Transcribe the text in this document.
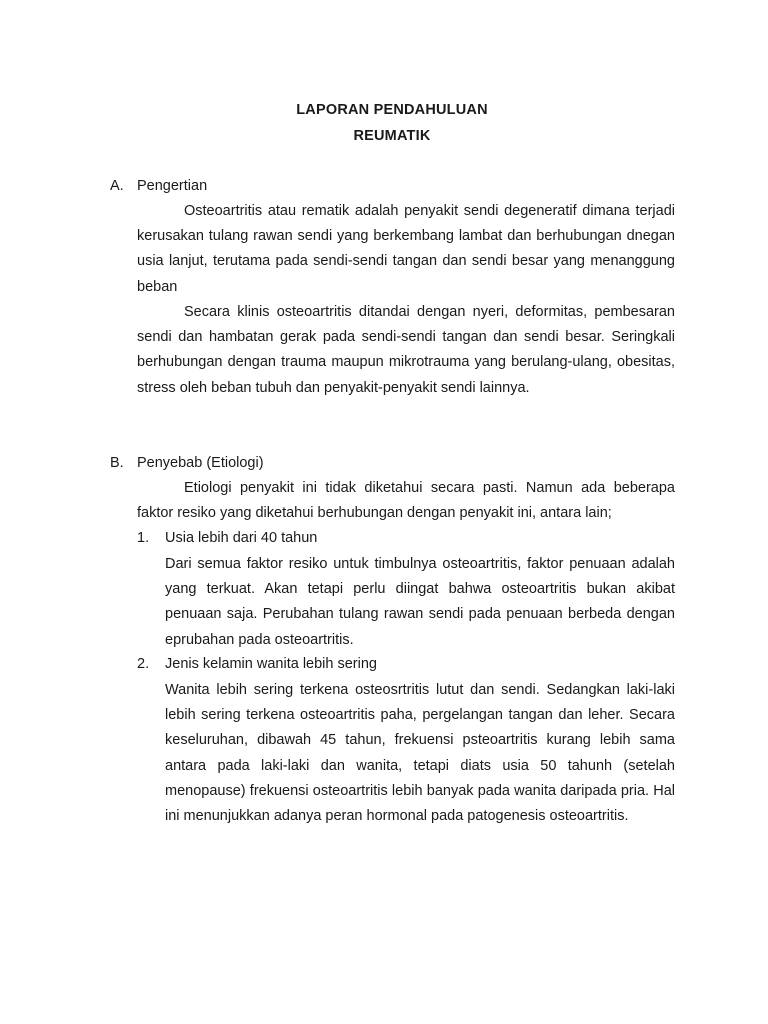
LAPORAN PENDAHULUAN
REUMATIK
A. Pengertian

Osteoartritis atau rematik adalah penyakit sendi degeneratif dimana terjadi kerusakan tulang rawan sendi yang berkembang lambat dan berhubungan dnegan usia lanjut, terutama pada sendi-sendi tangan dan sendi besar yang menanggung beban

Secara klinis osteoartritis ditandai dengan nyeri, deformitas, pembesaran sendi dan hambatan gerak pada sendi-sendi tangan dan sendi besar. Seringkali berhubungan dengan trauma maupun mikrotrauma yang berulang-ulang, obesitas, stress oleh beban tubuh dan penyakit-penyakit sendi lainnya.

B. Penyebab (Etiologi)

Etiologi penyakit ini tidak diketahui secara pasti. Namun ada beberapa faktor resiko yang diketahui berhubungan dengan penyakit ini, antara lain;

1. Usia lebih dari 40 tahun

Dari semua faktor resiko untuk timbulnya osteoartritis, faktor penuaan adalah yang terkuat. Akan tetapi perlu diingat bahwa osteoartritis bukan akibat penuaan saja. Perubahan tulang rawan sendi pada penuaan berbeda dengan eprubahan pada osteoartritis.

2. Jenis kelamin wanita lebih sering

Wanita lebih sering terkena osteosrtritis lutut dan sendi. Sedangkan laki-laki lebih sering terkena osteoartritis paha, pergelangan tangan dan leher. Secara keseluruhan, dibawah 45 tahun, frekuensi psteoartritis kurang lebih sama antara pada laki-laki dan wanita, tetapi diats usia 50 tahunh (setelah menopause) frekuensi osteoartritis lebih banyak pada wanita daripada pria. Hal ini menunjukkan adanya peran hormonal pada patogenesis osteoartritis.
